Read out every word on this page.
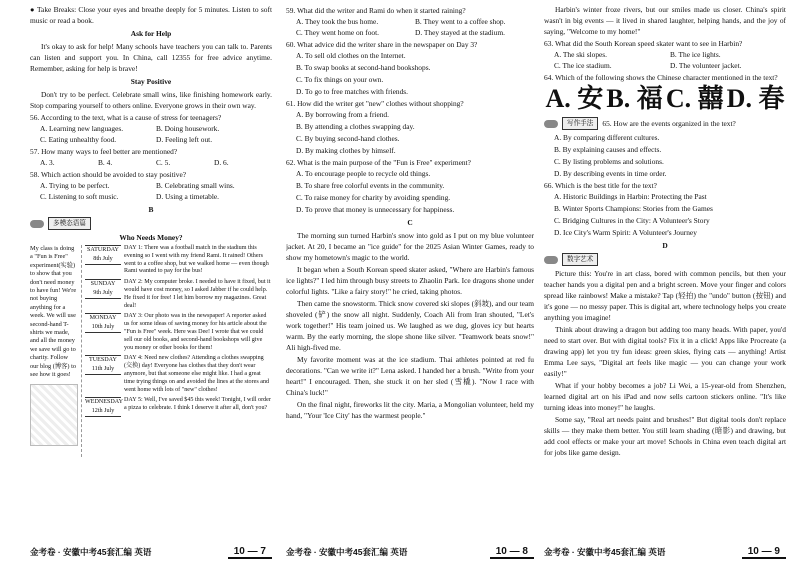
● Take Breaks: Close your eyes and breathe deeply for 5 minutes. Listen to soft music or read a book.

Ask for Help

It's okay to ask for help! Many schools have teachers you can talk to. Parents can listen and support you. In China, call 12355 for free advice anytime. Remember, asking for help is brave!

Stay Positive

Don't try to be perfect. Celebrate small wins, like finishing homework early. Stop comparing yourself to others online. Everyone grows in their own way.

56. According to the text, what is a cause of stress for teenagers?

A. Learning new languages.	B. Doing housework.
C. Eating unhealthy food.	D. Feeling left out.

57. How many ways to feel better are mentioned?

A. 3.	B. 4.	C. 5.	D. 6.

58. Which action should be avoided to stay positive?

A. Trying to be perfect.	B. Celebrating small wins.
C. Listening to soft music.	D. Using a timetable.

B

多模态语篇

Who Needs Money?

My class is doing a "Fun is Free" experiment(实验) to show that you don't need money to have fun! We're not buying anything for a week. We will use second-hand T-shirts we made, and all the money we save will go to charity. Follow our blog (博客) to see how it goes!
SATURDAY
8th July

DAY 1: There was a football match in the stadium this evening so I went with my friend Rami. It rained! Others went to a coffee shop, but we walked home — even though Rami wanted to pay for the bus!

SUNDAY
9th July

DAY 2: My computer broke. I needed to have it fixed, but it would have cost money, so I asked Jabber if he could help. He fixed it for free! I let him borrow my magazines. Great deal!

MONDAY
10th July

DAY 3: Our photo was in the newspaper! A reporter asked us for some ideas of saving money for his article about the "Fun is Free" week. Here was Dee! I wrote that we could sell our old books, and second-hand bookshops will give you money or other books for them!

TUESDAY
11th July

DAY 4: Need new clothes? Attending a clothes swapping (交换) day! Everyone has clothes that they don't wear anymore, but that someone else might like. I had a great time trying things on and avoided the lines at the stores and went home with lots of "new" clothes!

WEDNESDAY
12th July

DAY 5: Well, I've saved $45 this week! Tonight, I will order a pizza to celebrate. I think I deserve it after all, don't you?

59. What did the writer and Rami do when it started raining?

A. They took the bus home.	B. They went to a coffee shop.
C. They went home on foot.	D. They stayed at the stadium.

60. What advice did the writer share in the newspaper on Day 3?

A. To sell old clothes on the Internet.

B. To swap books at second-hand bookshops.

C. To fix things on your own.

D. To go to free matches with friends.

61. How did the writer get "new" clothes without shopping?

A. By borrowing from a friend.

B. By attending a clothes swapping day.

C. By buying second-hand clothes.

D. By making clothes by himself.

62. What is the main purpose of the "Fun is Free" experiment?

A. To encourage people to recycle old things.

B. To share free colorful events in the community.

C. To raise money for charity by avoiding spending.

D. To prove that money is unnecessary for happiness.

C

The morning sun turned Harbin's snow into gold as I put on my blue volunteer jacket. At 20, I became an "ice guide" for the 2025 Asian Winter Games, ready to show my hometown's magic to the world.

It began when a South Korean speed skater asked, "Where are Harbin's famous ice lights?" I led him through busy streets to Zhaolin Park. Ice dragons shone under colorful lights. "Like a fairy story!" he cried, taking photos.

Then came the snowstorm. Thick snow covered ski slopes (斜坡), and our team shoveled (铲) the snow all night. Suddenly, Coach Ali from Iran shouted, "Let's work together!" His team joined us. We laughed as we dug, gloves icy but hearts warm. By the early morning, the slope shone like silver. "Teamwork beats snow!" Ali high-fived me.

My favorite moment was at the ice stadium. Thai athletes pointed at red fu decorations. "Can we write it?" Lena asked. I handed her a brush. "Write from your heart!" I encouraged. Then, she stuck it on her sled (雪橇). "Now I race with China's luck!"

On the final night, fireworks lit the city. Maria, a Mongolian volunteer, held my hand, "Your 'Ice City' has the warmest people."

Harbin's winter froze rivers, but our smiles made us closer. China's spirit wasn't in big events — it lived in shared laughter, helping hands, and the joy of saying, "Welcome to my home!"

63. What did the South Korean speed skater want to see in Harbin?

A. The ski slopes.	B. The ice lights.
C. The ice stadium.	D. The volunteer jacket.

64. Which of the following shows the Chinese character mentioned in the text?

A. 安 B. 福 C. 囍 D. 春
写作手法	65. How are the events organized in the text?

A. By comparing different cultures.

B. By explaining causes and effects.

C. By listing problems and solutions.

D. By describing events in time order.

66. Which is the best title for the text?

A. Historic Buildings in Harbin: Protecting the Past

B. Winter Sports Champions: Stories from the Games

C. Bridging Cultures in the City: A Volunteer's Story

D. Ice City's Warm Spirit: A Volunteer's Journey

D

数字艺术

Picture this: You're in art class, bored with common pencils, but then your teacher hands you a digital pen and a bright screen. Move your finger and colors spread like rainbows! Make a mistake? Tap (轻拍) the "undo" button (按钮) and it's gone — no messy paper. This is digital art, where technology helps you create anything you imagine!

Think about drawing a dragon but adding too many heads. With paper, you'd need to start over. But with digital tools? Fix it in a click! Apps like Procreate (a drawing app) let you try fun ideas: green skies, flying cats — anything! Artist Emma Lee says, "Digital art feels like magic — you can change your work easily!"

What if your hobby becomes a job? Li Wei, a 15-year-old from Shenzhen, learned digital art on his iPad and now sells cartoon stickers online. "It's like turning ideas into money!" he laughs.

Some say, "Real art needs paint and brushes!" But digital tools don't replace skills — they make them better. You still learn shading (暗影) and drawing, but add cool effects or make your art move! Schools in China even teach digital art for jobs like game design.

金考卷 · 安徽中考45套汇编 英语	10 — 7	金考卷 · 安徽中考45套汇编 英语	10 — 8	金考卷 · 安徽中考45套汇编 英语	10 — 9
